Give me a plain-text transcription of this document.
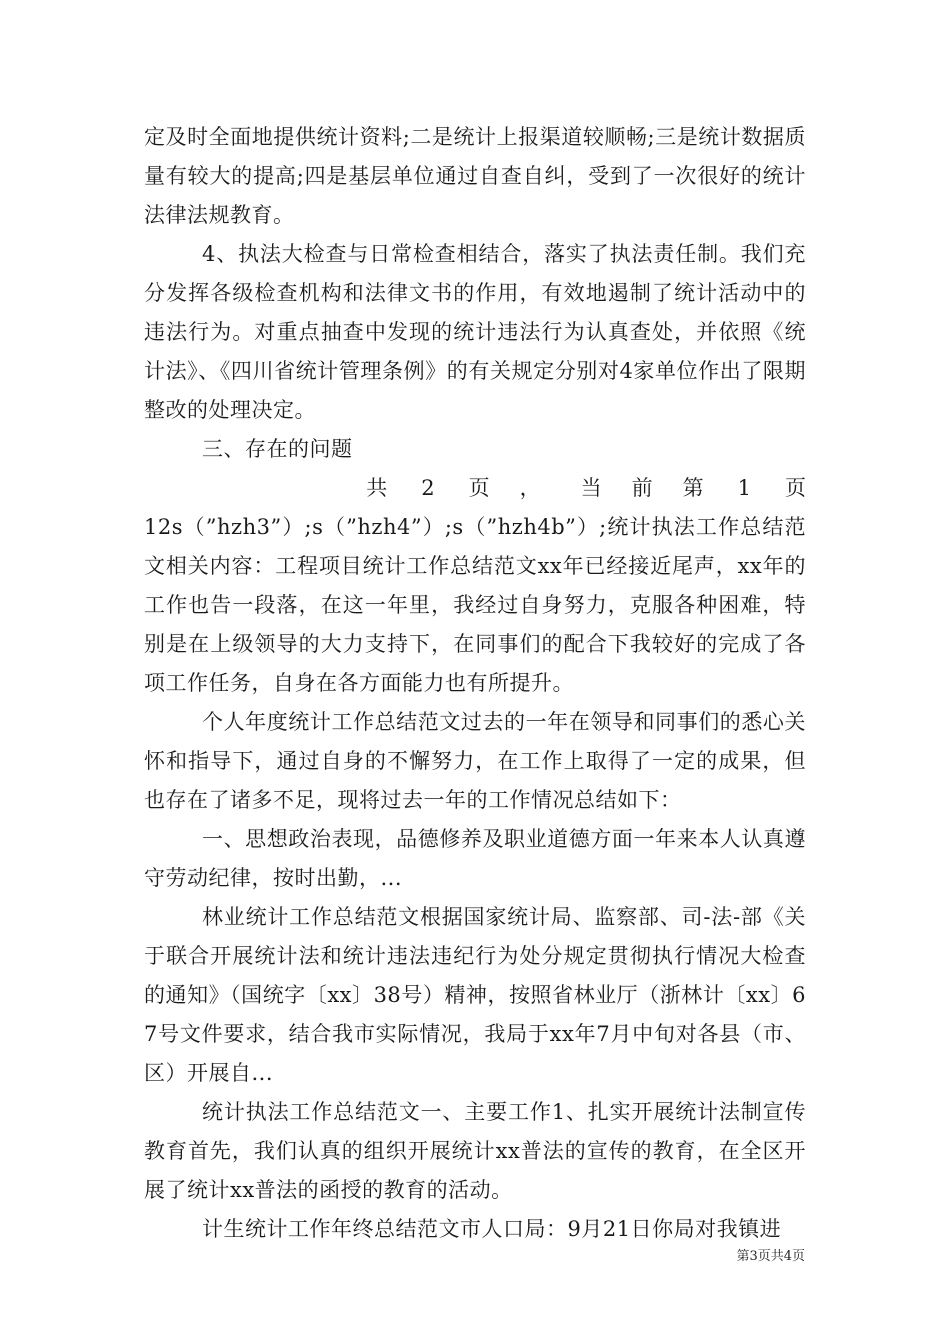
定及时全面地提供统计资料;二是统计上报渠道较顺畅;三是统计数据质量有较大的提高;四是基层单位通过自查自纠，受到了一次很好的统计法律法规教育。

4、执法大检查与日常检查相结合，落实了执法责任制。我们充分发挥各级检查机构和法律文书的作用，有效地遏制了统计活动中的违法行为。对重点抽查中发现的统计违法行为认真查处，并依照《统计法》、《四川省统计管理条例》的有关规定分别对4家单位作出了限期整改的处理决定。

三、存在的问题

共 2 页 ， 当 前 第 1 页

12s（”hzh3”）;s（”hzh4”）;s（”hzh4b”）;统计执法工作总结范文相关内容：工程项目统计工作总结范文xx年已经接近尾声，xx年的工作也告一段落，在这一年里，我经过自身努力，克服各种困难，特别是在上级领导的大力支持下，在同事们的配合下我较好的完成了各项工作任务，自身在各方面能力也有所提升。

个人年度统计工作总结范文过去的一年在领导和同事们的悉心关怀和指导下，通过自身的不懈努力，在工作上取得了一定的成果，但也存在了诸多不足，现将过去一年的工作情况总结如下：

一、思想政治表现，品德修养及职业道德方面一年来本人认真遵守劳动纪律，按时出勤，...

林业统计工作总结范文根据国家统计局、监察部、司-法-部《关于联合开展统计法和统计违法违纪行为处分规定贯彻执行情况大检查的通知》（国统字〔xx〕38号）精神，按照省林业厅（浙林计〔xx〕67号文件要求，结合我市实际情况，我局于xx年7月中旬对各县（市、区）开展自...

统计执法工作总结范文一、主要工作1、扎实开展统计法制宣传教育首先，我们认真的组织开展统计xx普法的宣传的教育，在全区开展了统计xx普法的函授的教育的活动。

计生统计工作年终总结范文市人口局：9月21日你局对我镇进

第3页共4页
